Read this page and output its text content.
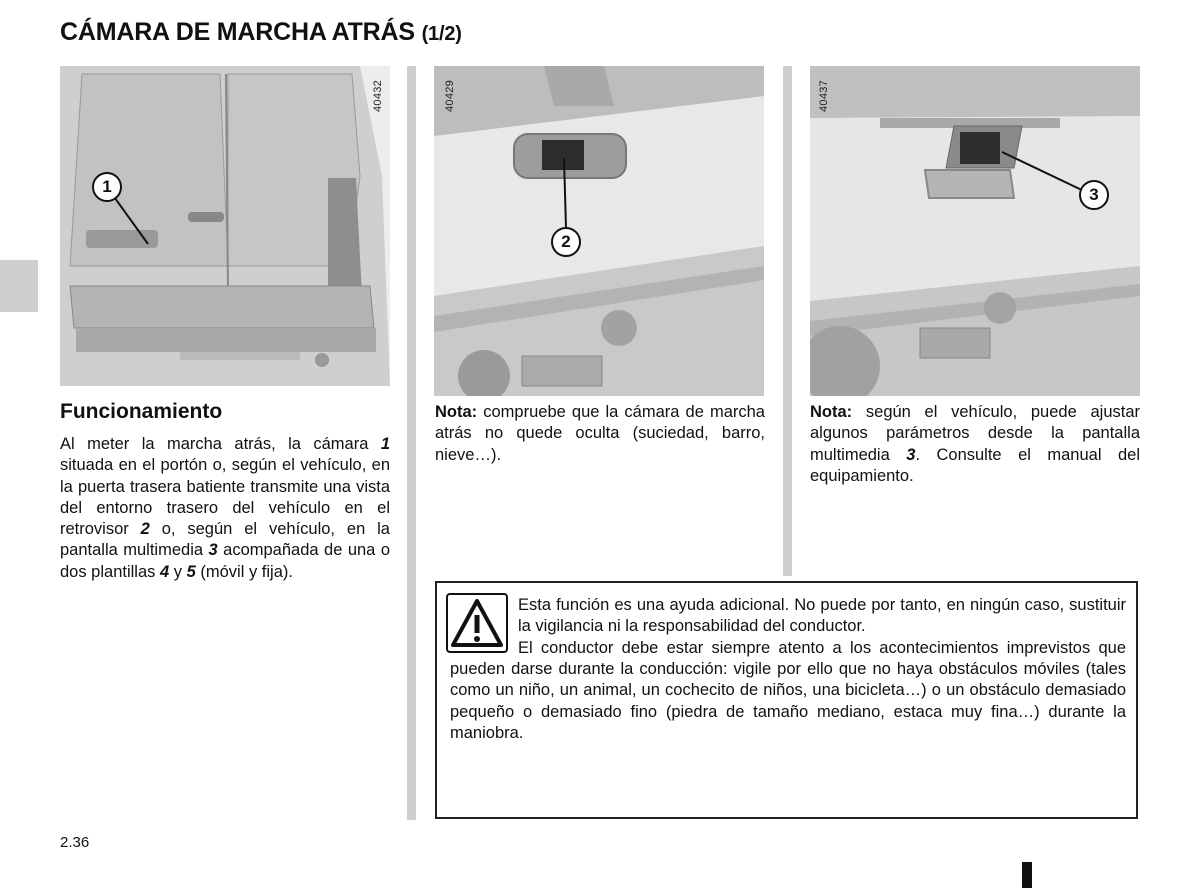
CÁMARA DE MARCHA ATRÁS (1/2)
40432
1
40429
2
40437
3
Funcionamiento
Al meter la marcha atrás, la cámara 1 situada en el portón o, según el vehículo, en la puerta trasera batiente transmite una vista del entorno trasero del vehículo en el retrovisor 2 o, según el vehículo, en la pantalla multimedia 3 acompañada de una o dos plantillas 4 y 5 (móvil y fija).
Nota: compruebe que la cámara de marcha atrás no quede oculta (suciedad, barro, nieve…).
Nota: según el vehículo, puede ajustar algunos parámetros desde la pantalla multimedia 3. Consulte el manual del equipamiento.
Esta función es una ayuda adicional. No puede por tanto, en ningún caso, sustituir la vigilancia ni la responsabilidad del conductor.
El conductor debe estar siempre atento a los acontecimientos imprevistos que pueden darse durante la conducción: vigile por ello que no haya obstáculos móviles (tales como un niño, un animal, un cochecito de niños, una bicicleta…) o un obstáculo demasiado pequeño o demasiado fino (piedra de tamaño mediano, estaca muy fina…) durante la maniobra.
2.36
